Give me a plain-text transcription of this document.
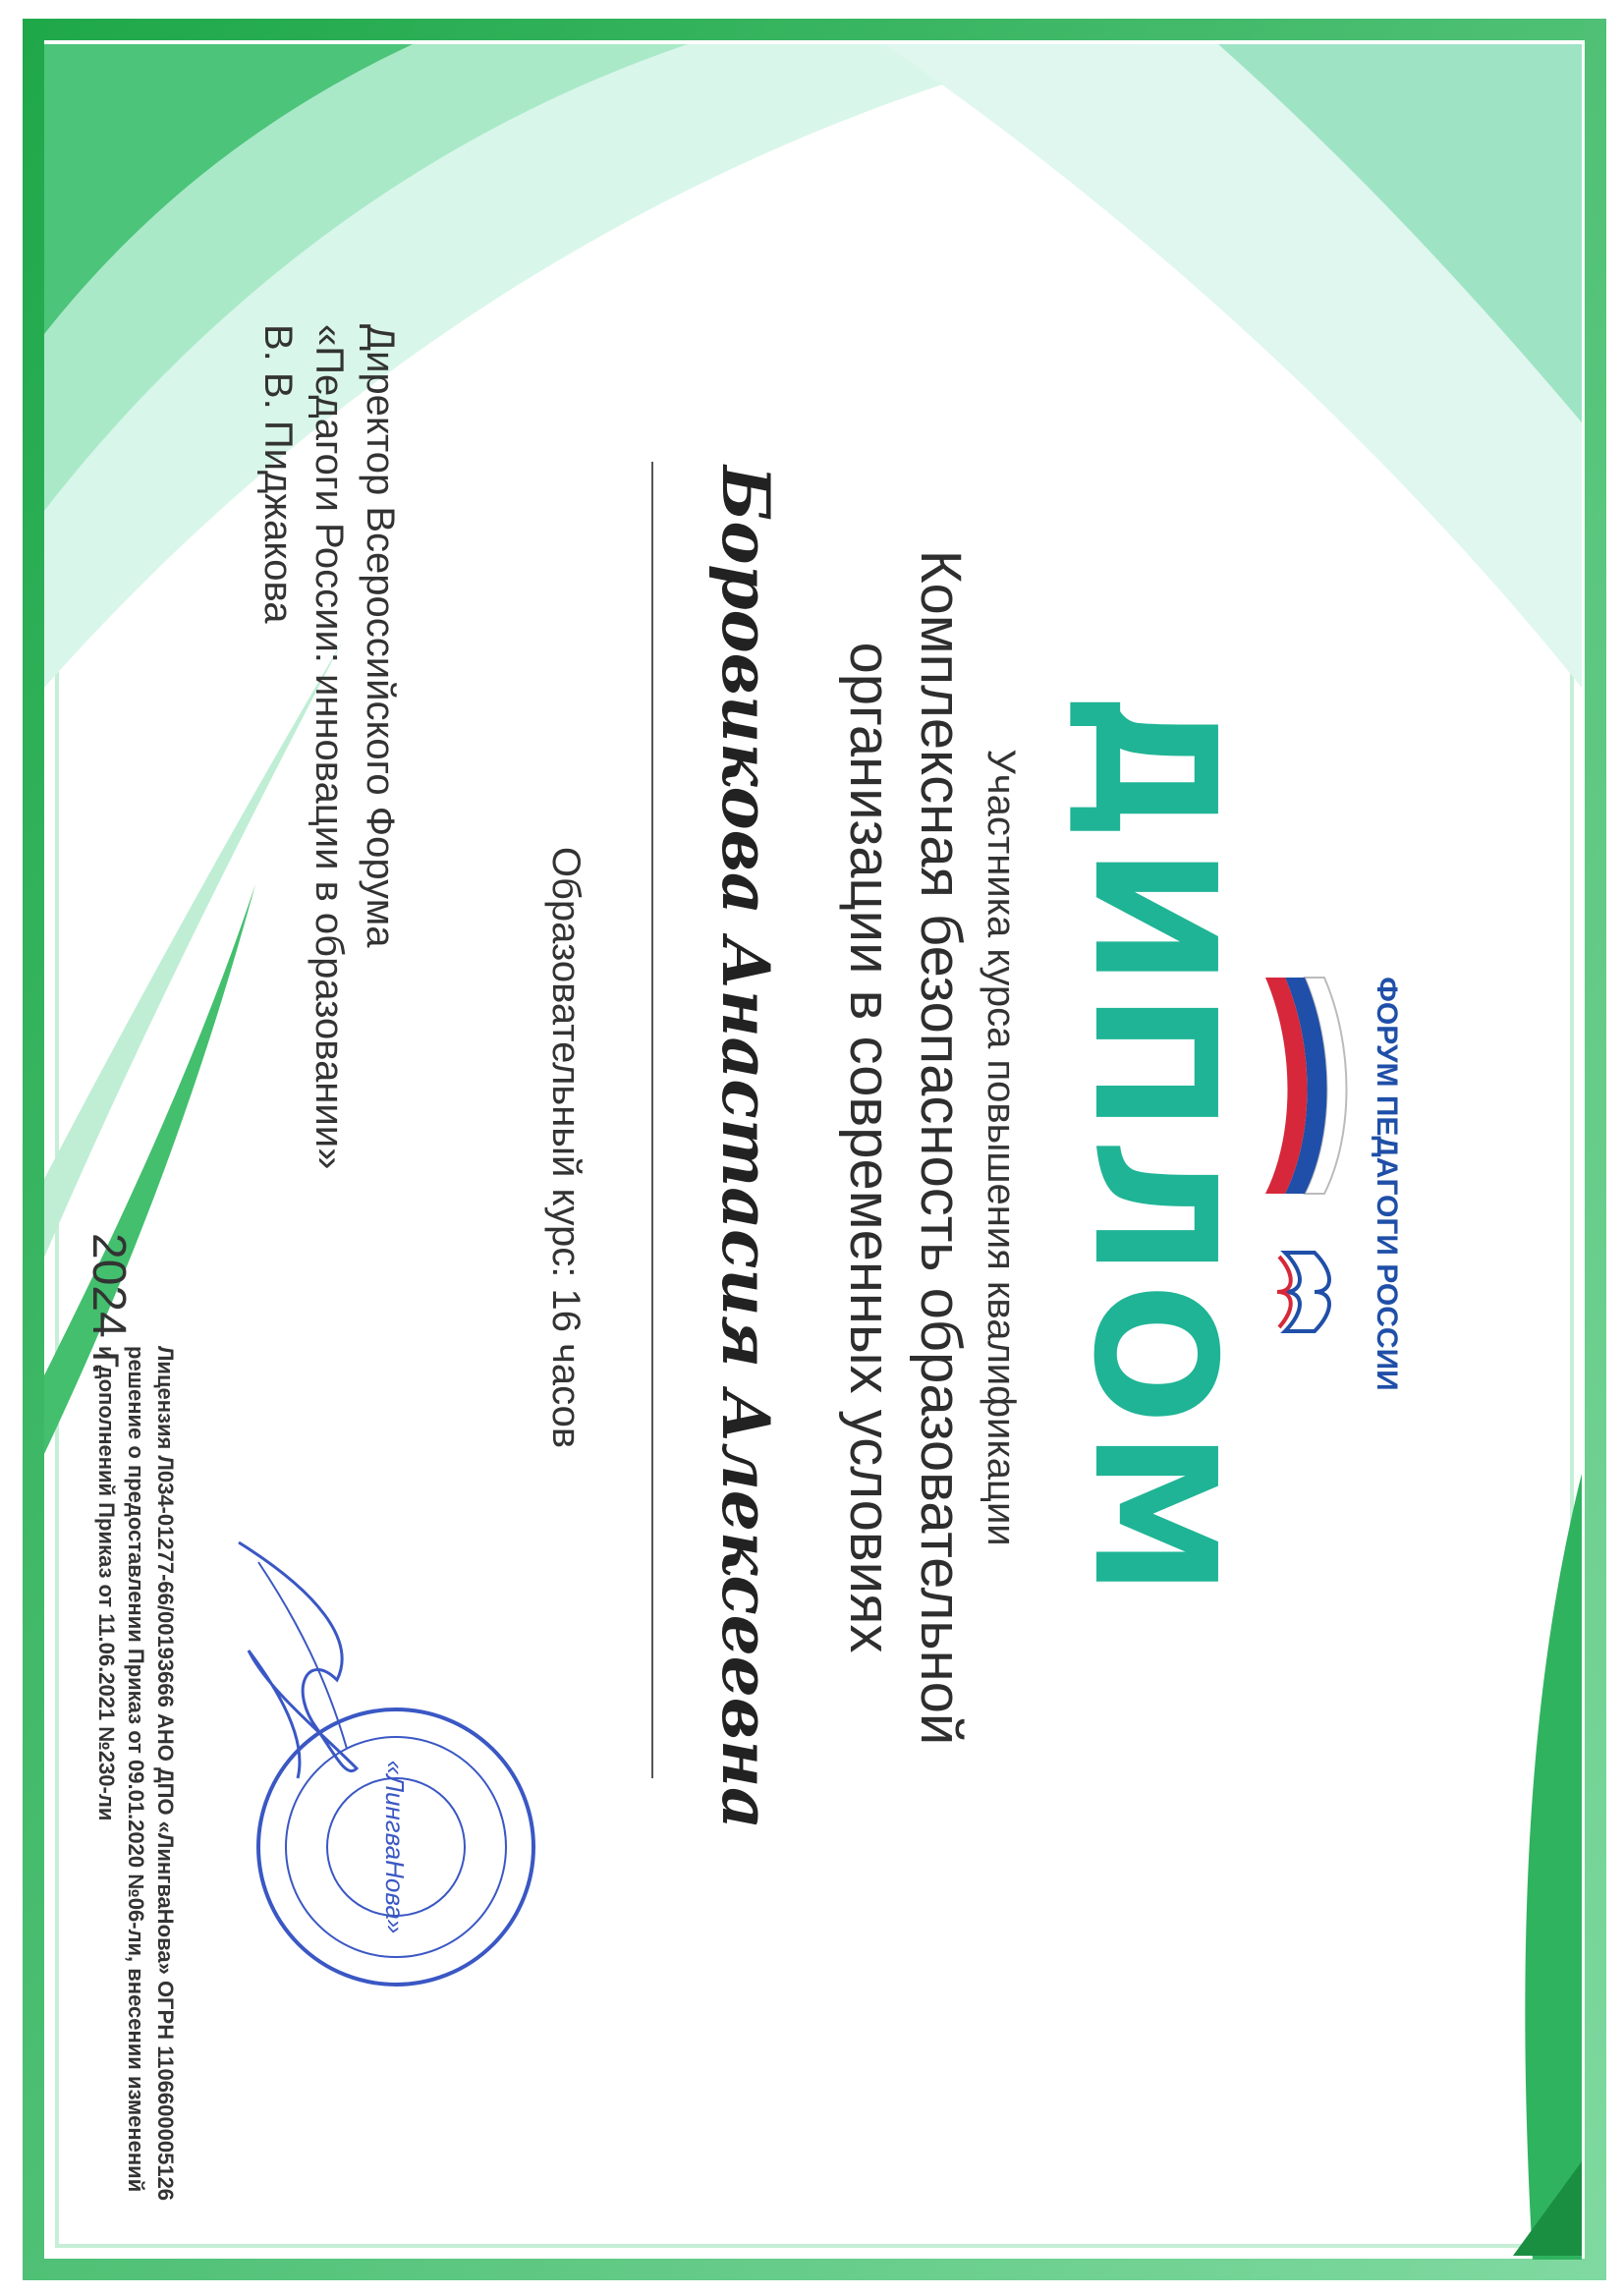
ФОРУМ ПЕДАГОГИ РОССИИ
ДИПЛОМ
Участника курса повышения квалификации
Комплексная безопасность образовательной
организации в современных условиях
Боровикова Анастасия Алексеевна
Образовательный курс: 16 часов
Директор Всероссийского Форума
«Педагоги России: инновации в образовании»
В. В. Пиджакова
2024 г.
«ЛингваНова»
Лицензия Л034-01277-66/00193666 АНО ДПО «ЛингваНова» ОГРН 1106600005126
решение о предоставлении Приказ от 09.01.2020 №06-ли, внесении изменений
и дополнений Приказ от 11.06.2021 №230-ли
